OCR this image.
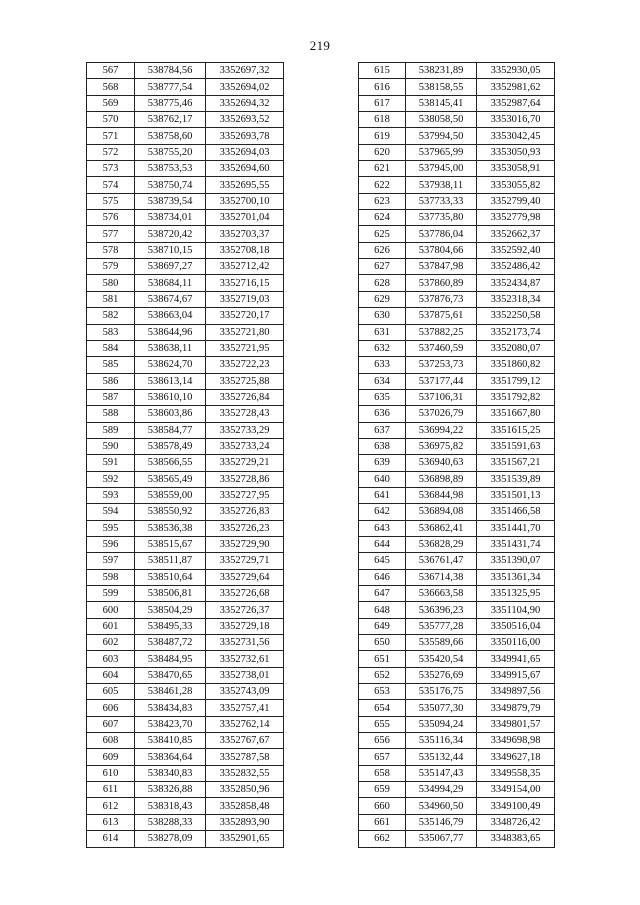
219
567	538784,56	3352697,32
568	538777,54	3352694,02
569	538775,46	3352694,32
570	538762,17	3352693,52
571	538758,60	3352693,78
572	538755,20	3352694,03
573	538753,53	3352694,60
574	538750,74	3352695,55
575	538739,54	3352700,10
576	538734,01	3352701,04
577	538720,42	3352703,37
578	538710,15	3352708,18
579	538697,27	3352712,42
580	538684,11	3352716,15
581	538674,67	3352719,03
582	538663,04	3352720,17
583	538644,96	3352721,80
584	538638,11	3352721,95
585	538624,70	3352722,23
586	538613,14	3352725,88
587	538610,10	3352726,84
588	538603,86	3352728,43
589	538584,77	3352733,29
590	538578,49	3352733,24
591	538566,55	3352729,21
592	538565,49	3352728,86
593	538559,00	3352727,95
594	538550,92	3352726,83
595	538536,38	3352726,23
596	538515,67	3352729,90
597	538511,87	3352729,71
598	538510,64	3352729,64
599	538506,81	3352726,68
600	538504,29	3352726,37
601	538495,33	3352729,18
602	538487,72	3352731,56
603	538484,95	3352732,61
604	538470,65	3352738,01
605	538461,28	3352743,09
606	538434,83	3352757,41
607	538423,70	3352762,14
608	538410,85	3352767,67
609	538364,64	3352787,58
610	538340,83	3352832,55
611	538326,88	3352850,96
612	538318,43	3352858,48
613	538288,33	3352893,90
614	538278,09	3352901,65
615	538231,89	3352930,05
616	538158,55	3352981,62
617	538145,41	3352987,64
618	538058,50	3353016,70
619	537994,50	3353042,45
620	537965,99	3353050,93
621	537945,00	3353058,91
622	537938,11	3353055,82
623	537733,33	3352799,40
624	537735,80	3352779,98
625	537786,04	3352662,37
626	537804,66	3352592,40
627	537847,98	3352486,42
628	537860,89	3352434,87
629	537876,73	3352318,34
630	537875,61	3352250,58
631	537882,25	3352173,74
632	537460,59	3352080,07
633	537253,73	3351860,82
634	537177,44	3351799,12
635	537106,31	3351792,82
636	537026,79	3351667,80
637	536994,22	3351615,25
638	536975,82	3351591,63
639	536940,63	3351567,21
640	536898,89	3351539,89
641	536844,98	3351501,13
642	536894,08	3351466,58
643	536862,41	3351441,70
644	536828,29	3351431,74
645	536761,47	3351390,07
646	536714,38	3351361,34
647	536663,58	3351325,95
648	536396,23	3351104,90
649	535777,28	3350516,04
650	535589,66	3350116,00
651	535420,54	3349941,65
652	535276,69	3349915,67
653	535176,75	3349897,56
654	535077,30	3349879,79
655	535094,24	3349801,57
656	535116,34	3349698,98
657	535132,44	3349627,18
658	535147,43	3349558,35
659	534994,29	3349154,00
660	534960,50	3349100,49
661	535146,79	3348726,42
662	535067,77	3348383,65
